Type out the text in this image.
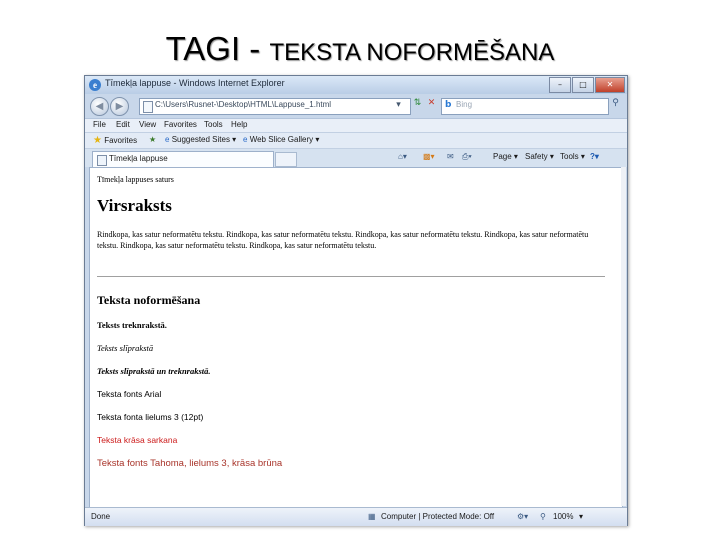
TAGI - TEKSTA NOFORMĒŠANA
e Tīmekļa lappuse - Windows Internet Explorer	–	□	✕
◀	▶	C:\Users\Rusnet-\Desktop\HTML\Lappuse_1.html	▾	⇅ ✕	b Bing	⚲
File Edit View Favorites Tools Help
★ Favorites ★ e Suggested Sites ▾ e Web Slice Gallery ▾
Tīmekļa lappuse	⌂▾ ▩▾ ✉ ⎙▾	Page ▾ Safety ▾ Tools ▾ ?▾
Tīmekļa lappuses saturs
Virsraksts
Rindkopa, kas satur neformatētu tekstu. Rindkopa, kas satur neformatētu tekstu. Rindkopa, kas satur neformatētu tekstu. Rindkopa, kas satur neformatētu tekstu. Rindkopa, kas satur neformatētu tekstu. Rindkopa, kas satur neformatētu tekstu.
Teksta noformēšana
Teksts treknrakstā.
Teksts slīprakstā
Teksts slīprakstā un treknrakstā.
Teksta fonts Arial
Teksta fonta lielums 3 (12pt)
Teksta krāsa sarkana
Teksta fonts Tahoma, lielums 3, krāsa brūna
Done	▦ Computer | Protected Mode: Off	⚙▾ ⚲ 100% ▾
